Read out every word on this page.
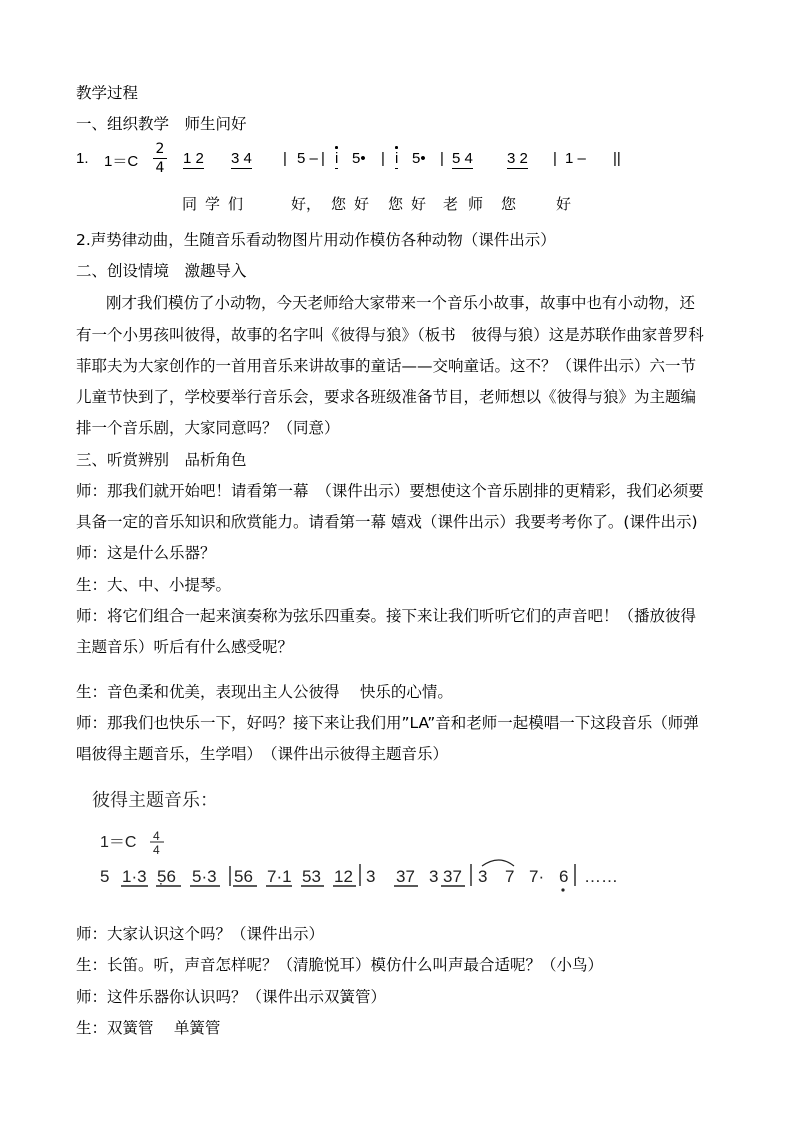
教学过程
一、组织教学　师生问好
1. 1＝C
2
4
1 2 3 4 | 5 – | i 5• | i 5• | 5 4 3 2 | 1 – ||
同 学 们	好， 您 好 您 好 老 师 您	好
2.声势律动曲，生随音乐看动物图片用动作模仿各种动物（课件出示）
二、创设情境　激趣导入
刚才我们模仿了小动物，今天老师给大家带来一个音乐小故事，故事中也有小动物，还
有一个小男孩叫彼得，故事的名字叫《彼得与狼》（板书　彼得与狼）这是苏联作曲家普罗科
菲耶夫为大家创作的一首用音乐来讲故事的童话——交响童话。这不？（课件出示）六一节
儿童节快到了，学校要举行音乐会，要求各班级准备节目，老师想以《彼得与狼》为主题编
排一个音乐剧，大家同意吗？（同意）
三、听赏辨别　品析角色
师：那我们就开始吧！请看第一幕　（课件出示）要想使这个音乐剧排的更精彩，我们必须要
具备一定的音乐知识和欣赏能力。请看第一幕 嬉戏（课件出示）我要考考你了。(课件出示)
师：这是什么乐器？
生：大、中、小提琴。
师：将它们组合一起来演奏称为弦乐四重奏。接下来让我们听听它们的声音吧！（播放彼得
主题音乐）听后有什么感受呢？
生：音色柔和优美，表现出主人公彼得　 快乐的心情。
师：那我们也快乐一下，好吗？接下来让我们用”LA”音和老师一起模唱一下这段音乐（师弹
唱彼得主题音乐，生学唱）　（课件出示彼得主题音乐）
彼得主题音乐：
1＝C 4
4
5 1·3 5̣6 5·3 56 7·1 53 12 3 37 3 37 3 7 7· 6 ……
师：大家认识这个吗？（课件出示）
生：长笛。听，声音怎样呢？（清脆悦耳）模仿什么叫声最合适呢？（小鸟）
师：这件乐器你认识吗？（课件出示双簧管）
生：双簧管　 单簧管
